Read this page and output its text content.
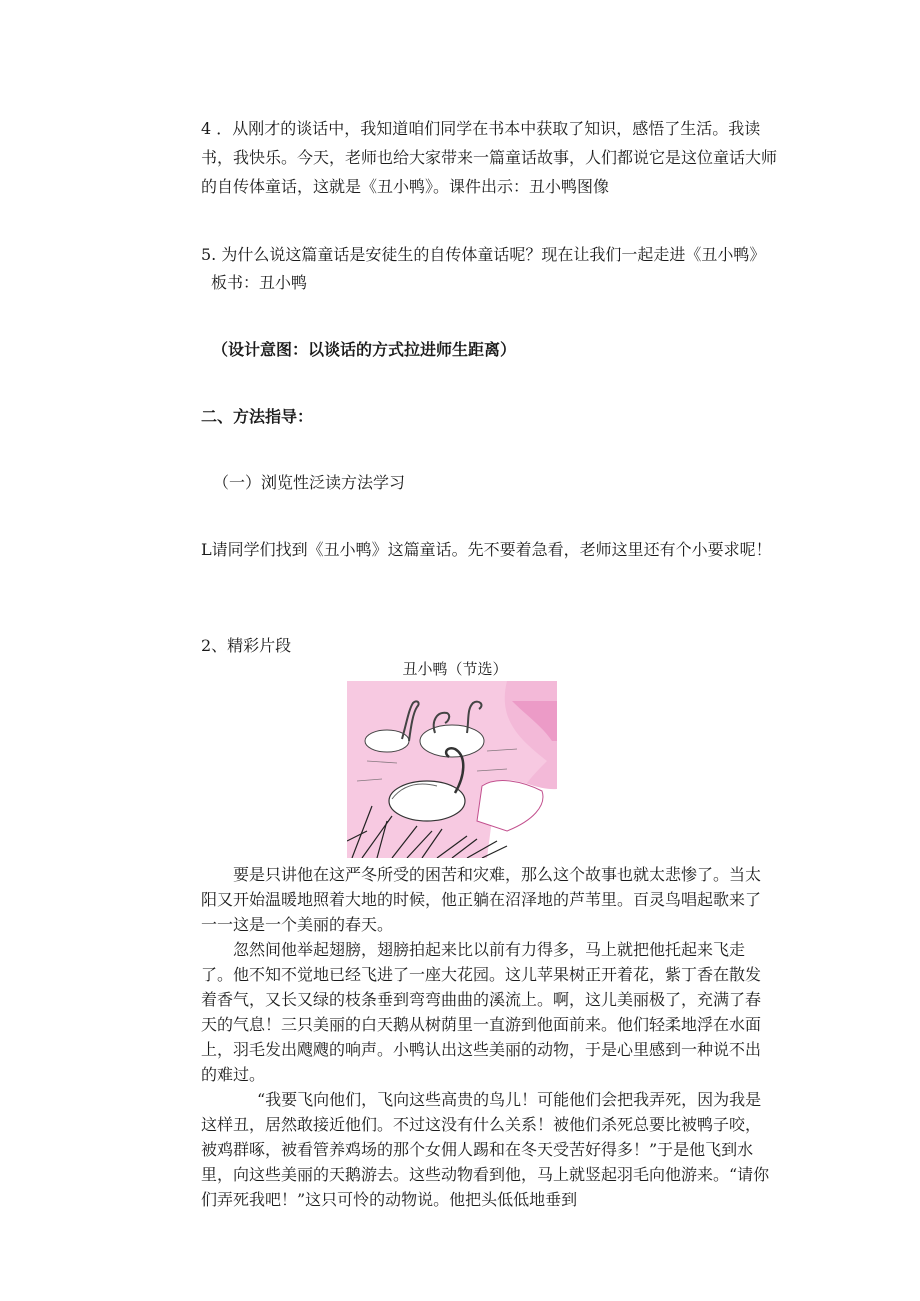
4 ．从刚才的谈话中，我知道咱们同学在书本中获取了知识，感悟了生活。我读书，我快乐。今天，老师也给大家带来一篇童话故事，人们都说它是这位童话大师的自传体童话，这就是《丑小鸭》。课件出示：丑小鸭图像

5. 为什么说这篇童话是安徒生的自传体童话呢？现在让我们一起走进《丑小鸭》

板书：丑小鸭

（设计意图：以谈话的方式拉进师生距离）

二、方法指导：

（一）浏览性泛读方法学习

L请同学们找到《丑小鸭》这篇童话。先不要着急看，老师这里还有个小要求呢！

2、精彩片段

丑小鸭（节选）

要是只讲他在这严冬所受的困苦和灾难，那么这个故事也就太悲惨了。当太阳又开始温暖地照着大地的时候，他正躺在沼泽地的芦苇里。百灵鸟唱起歌来了一一这是一个美丽的春天。

忽然间他举起翅膀，翅膀拍起来比以前有力得多，马上就把他托起来飞走了。他不知不觉地已经飞进了一座大花园。这儿苹果树正开着花，紫丁香在散发着香气，又长又绿的枝条垂到弯弯曲曲的溪流上。啊，这儿美丽极了，充满了春天的气息！三只美丽的白天鹅从树荫里一直游到他面前来。他们轻柔地浮在水面上，羽毛发出飕飕的响声。小鸭认出这些美丽的动物，于是心里感到一种说不出的难过。

“我要飞向他们，飞向这些高贵的鸟儿！可能他们会把我弄死，因为我是这样丑，居然敢接近他们。不过这没有什么关系！被他们杀死总要比被鸭子咬，被鸡群啄，被看管养鸡场的那个女佣人踢和在冬天受苦好得多！”于是他飞到水里，向这些美丽的天鹅游去。这些动物看到他，马上就竖起羽毛向他游来。“请你们弄死我吧！”这只可怜的动物说。他把头低低地垂到
